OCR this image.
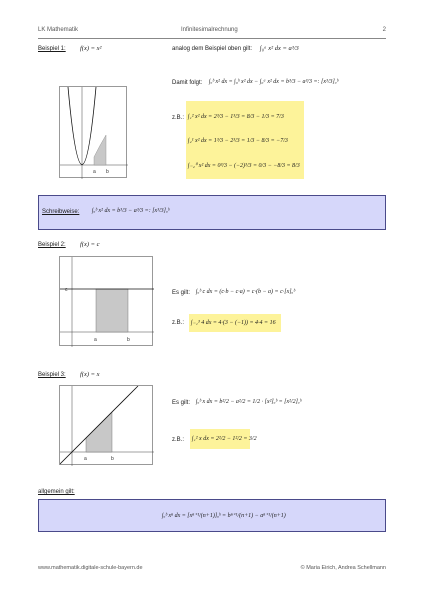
LK Mathematik	Infinitesimalrechnung	2
Beispiel 1: f(x) = x²	analog dem Beispiel oben gilt: ∫₀ᵃ x² dx = a³/3
Damit folgt: ∫ₐᵇ x² dx = ∫₀ᵇ x² dx − ∫₀ᵃ x² dx = b³/3 − a³/3 =: [x³/3]ₐᵇ
a b
z.B.: ∫₁² x² dx = 2³/3 − 1³/3 = 8/3 − 1/3 = 7/3
∫₂¹ x² dx = 1³/3 − 2³/3 = 1/3 − 8/3 = −7/3
∫₋₂⁰ x² dx = 0³/3 − (−2)³/3 = 0/3 − −8/3 = 8/3
Schreibweise: ∫ₐᵇ x² dx = b³/3 − a³/3 =: [x³/3]ₐᵇ
Beispiel 2: f(x) = c
c
a	b
Es gilt: ∫ₐᵇ c dx = (c·b − c·a) = c·(b − a) = c·[x]ₐᵇ
z.B.: ∫₋₁³ 4 dx = 4·(3 − (−1)) = 4·4 = 16
Beispiel 3: f(x) = x
a	b
Es gilt: ∫ₐᵇ x dx = b²/2 − a²/2 = 1/2 · [x²]ₐᵇ = [x²/2]ₐᵇ
z.B.: ∫₁² x dx = 2²/2 − 1²/2 = 3/2
allgemein gilt:
∫ₐᵇ xⁿ dx = [xⁿ⁺¹/(n+1)]ₐᵇ = bⁿ⁺¹/(n+1) − aⁿ⁺¹/(n+1)
www.mathematik.digitale-schule-bayern.de	© Maria Eirich, Andrea Schellmann
